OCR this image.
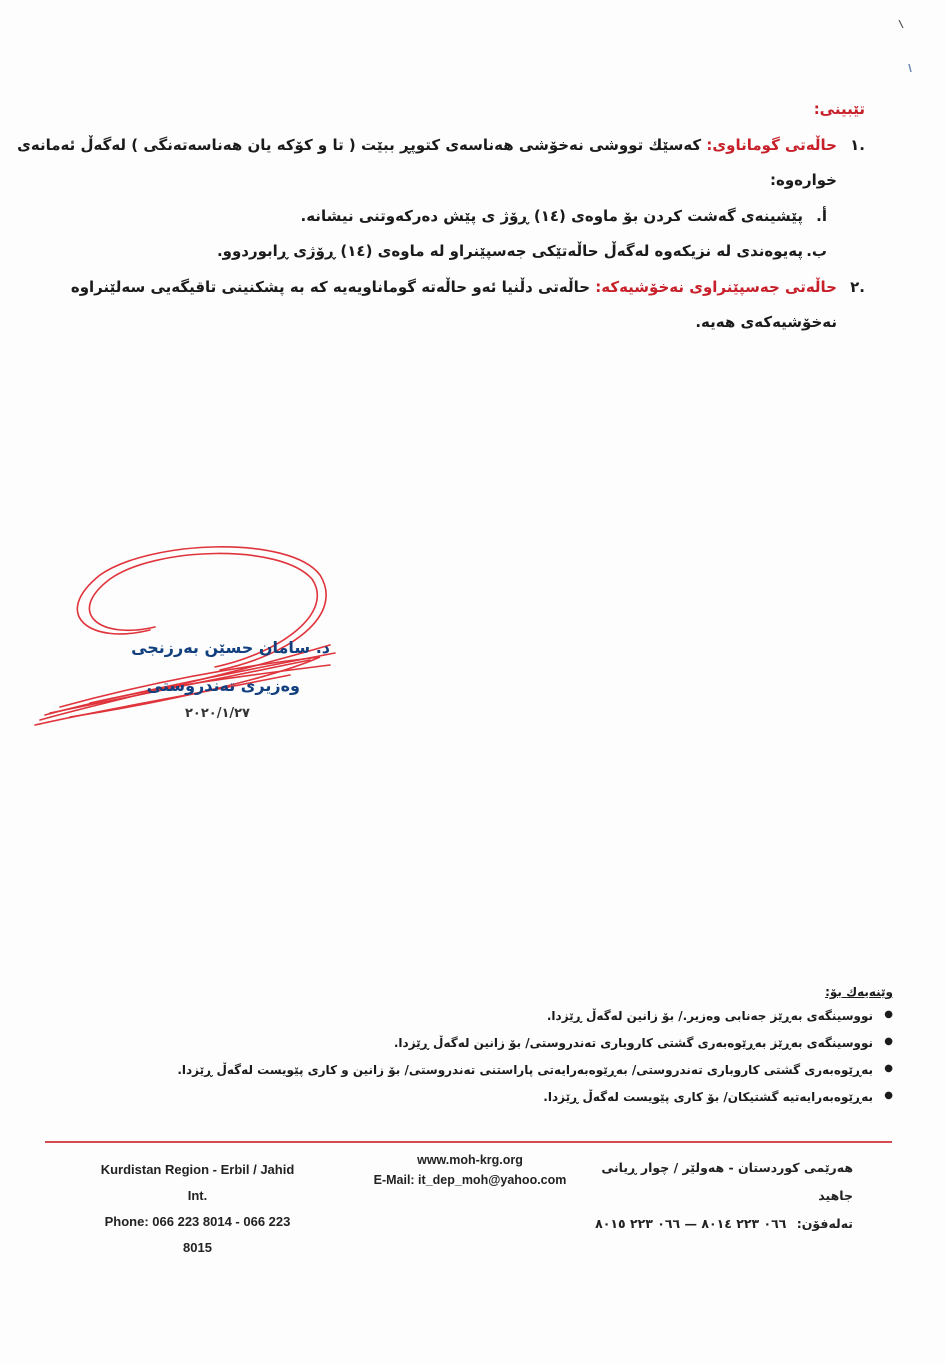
تێبینی:
.١
حاڵەتی گوماناوی: کەسێك تووشی نەخۆشی هەناسەی کتوپڕ ببێت ( تا و کۆکە یان هەناسەتەنگی ) لەگەڵ ئەمانەی
خوارەوە:
أ.
پێشینەی گەشت کردن بۆ ماوەی (١٤) ڕۆژ ی پێش دەرکەوتنی نیشانە.
ب.
پەیوەندی لە نزیکەوە لەگەڵ حاڵەتێکی جەسپێنراو لە ماوەی (١٤) ڕۆژی ڕابوردوو.
.٢
حاڵەتی جەسپێنراوی نەخۆشیەکە: حاڵەتی دڵنیا ئەو حاڵەتە گوماناویەیە کە بە پشکنینی تاقیگەیی سەلێنراوە
نەخۆشیەکەی هەیە.
د. سامان حسێن بەرزنجی
وەزیری تەندروستی
٢٠٢٠/١/٢٧
وێنەیەك بۆ:
●
نووسینگەی بەڕێز جەنابی وەزیر./ بۆ زانین لەگەڵ ڕێزدا.
●
نووسینگەی بەڕێز بەڕێوەبەری گشتی کاروباری تەندروستی/ بۆ زانین لەگەڵ ڕێزدا.
●
بەڕێوەبەری گشتی کاروباری تەندروستی/ بەڕێوەبەرایەتی پاراستنی تەندروستی/ بۆ زانین و کاری پێویست لەگەڵ ڕێزدا.
●
بەڕێوەبەرایەتیە گشتیکان/ بۆ کاری پێویست لەگەڵ ڕێزدا.
Kurdistan Region - Erbil / Jahid Int.
Phone: 066 223 8014 - 066 223 8015
www.moh-krg.org
E-Mail: it_dep_moh@yahoo.com
هەرێمی کوردستان - هەولێر / چوار ڕیانی جاهید
تەلەفۆن: ٠٦٦ ٢٢٣ ٨٠١٤ — ٠٦٦ ٢٢٣ ٨٠١٥
